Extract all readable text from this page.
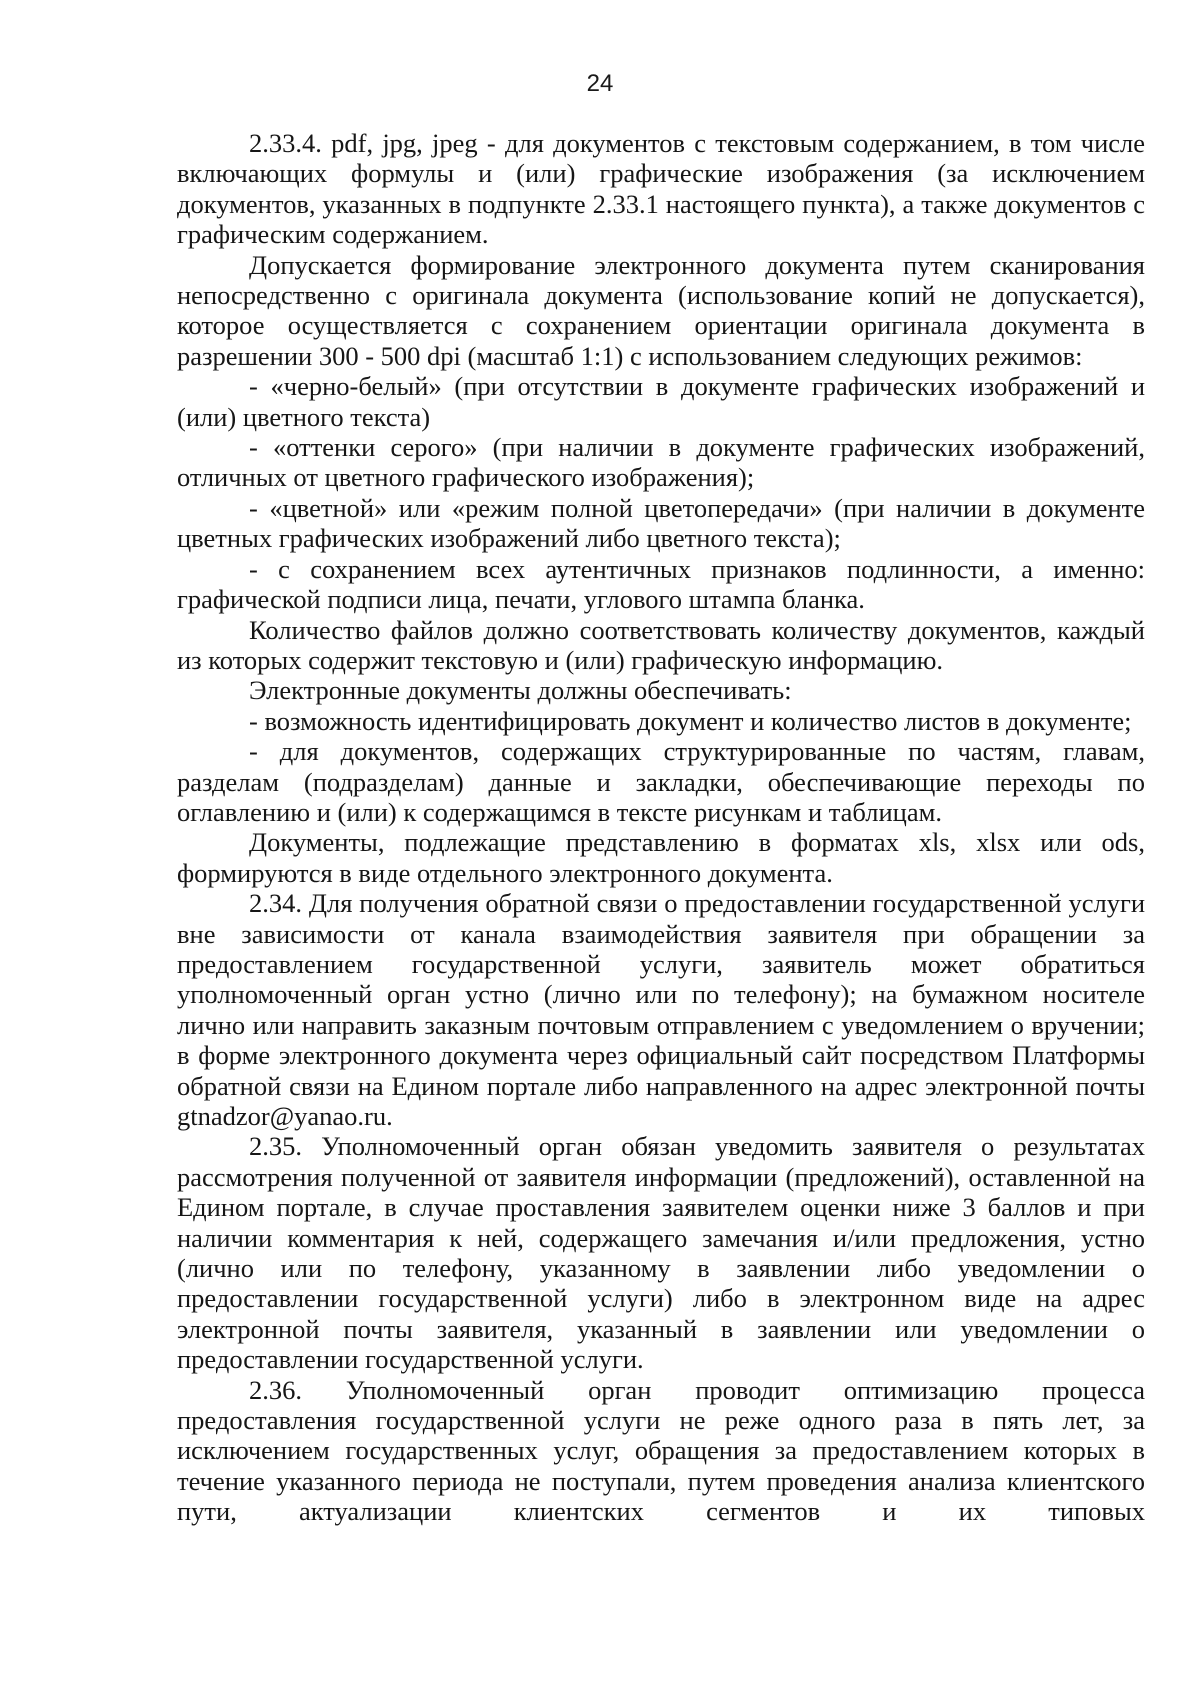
24

2.33.4. pdf, jpg, jpeg - для документов с текстовым содержанием, в том числе включающих формулы и (или) графические изображения (за исключением документов, указанных в подпункте 2.33.1 настоящего пункта), а также документов с графическим содержанием.

Допускается формирование электронного документа путем сканирования непосредственно с оригинала документа (использование копий не допускается), которое осуществляется с сохранением ориентации оригинала документа в разрешении 300 - 500 dpi (масштаб 1:1) с использованием следующих режимов:

- «черно-белый» (при отсутствии в документе графических изображений и (или) цветного текста)

- «оттенки серого» (при наличии в документе графических изображений, отличных от цветного графического изображения);

- «цветной» или «режим полной цветопередачи» (при наличии в документе цветных графических изображений либо цветного текста);

- с сохранением всех аутентичных признаков подлинности, а именно: графической подписи лица, печати, углового штампа бланка.

Количество файлов должно соответствовать количеству документов, каждый из которых содержит текстовую и (или) графическую информацию.

Электронные документы должны обеспечивать:

- возможность идентифицировать документ и количество листов в документе;

- для документов, содержащих структурированные по частям, главам, разделам (подразделам) данные и закладки, обеспечивающие переходы по оглавлению и (или) к содержащимся в тексте рисункам и таблицам.

Документы, подлежащие представлению в форматах xls, xlsx или ods, формируются в виде отдельного электронного документа.

2.34. Для получения обратной связи о предоставлении государственной услуги вне зависимости от канала взаимодействия заявителя при обращении за предоставлением государственной услуги, заявитель может обратиться уполномоченный орган устно (лично или по телефону); на бумажном носителе лично или направить заказным почтовым отправлением с уведомлением о вручении; в форме электронного документа через официальный сайт посредством Платформы обратной связи на Едином портале либо направленного на адрес электронной почты gtnadzor@yanao.ru.

2.35. Уполномоченный орган обязан уведомить заявителя о результатах рассмотрения полученной от заявителя информации (предложений), оставленной на Едином портале, в случае проставления заявителем оценки ниже 3 баллов и при наличии комментария к ней, содержащего замечания и/или предложения, устно (лично или по телефону, указанному в заявлении либо уведомлении о предоставлении государственной услуги) либо в электронном виде на адрес электронной почты заявителя, указанный в заявлении или уведомлении о предоставлении государственной услуги.

2.36. Уполномоченный орган проводит оптимизацию процесса предоставления государственной услуги не реже одного раза в пять лет, за исключением государственных услуг, обращения за предоставлением которых в течение указанного периода не поступали, путем проведения анализа клиентского пути, актуализации клиентских сегментов и их типовых
